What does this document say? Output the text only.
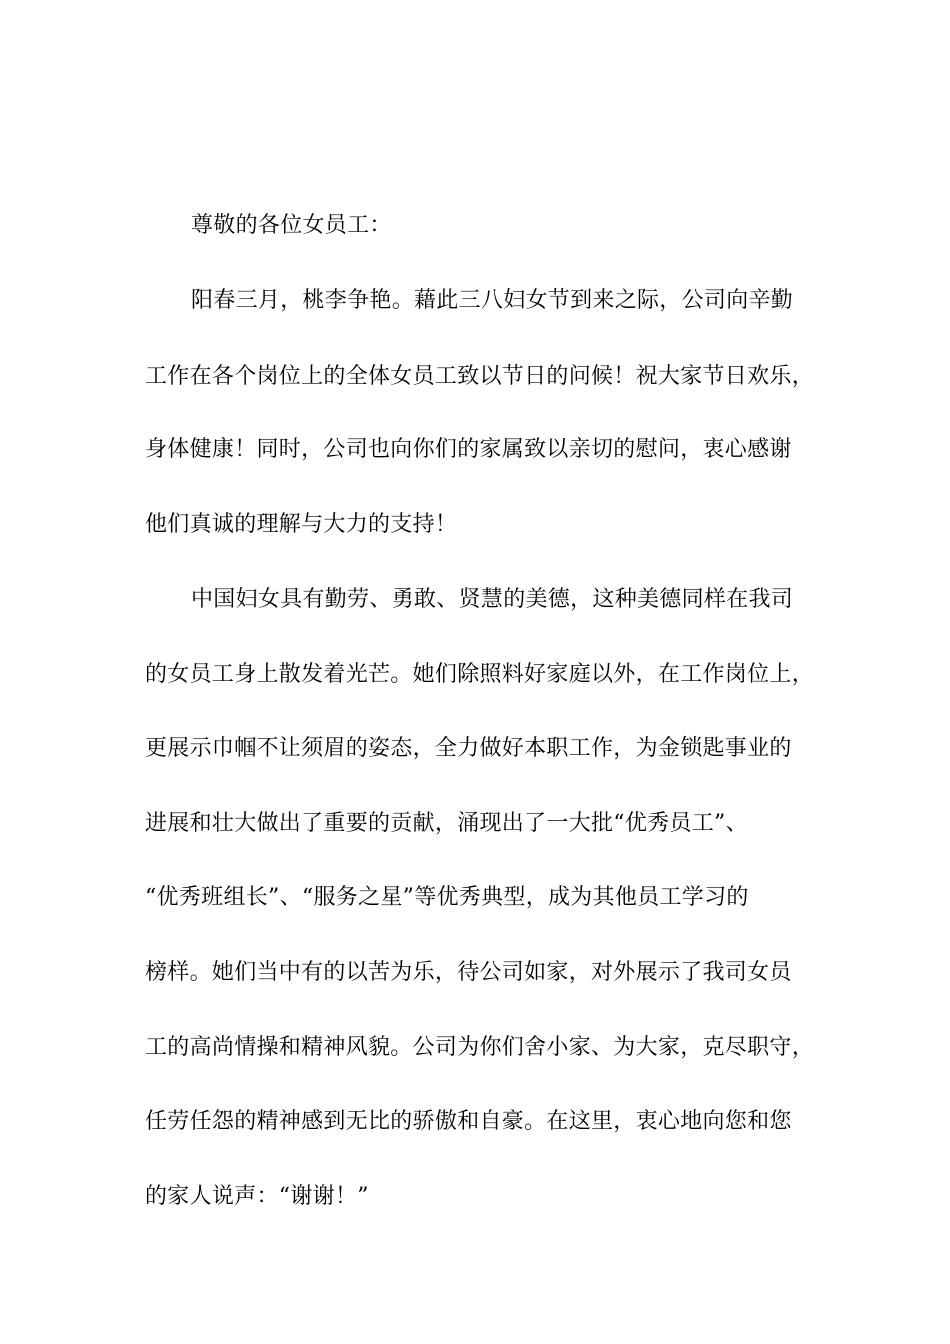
尊敬的各位女员工：
阳春三月，桃李争艳。藉此三八妇女节到来之际，公司向辛勤
工作在各个岗位上的全体女员工致以节日的问候！祝大家节日欢乐，
身体健康！同时，公司也向你们的家属致以亲切的慰问，衷心感谢
他们真诚的理解与大力的支持！
中国妇女具有勤劳、勇敢、贤慧的美德，这种美德同样在我司
的女员工身上散发着光芒。她们除照料好家庭以外，在工作岗位上，
更展示巾帼不让须眉的姿态，全力做好本职工作，为金锁匙事业的
进展和壮大做出了重要的贡献，涌现出了一大批“优秀员工”、
“优秀班组长”、“服务之星”等优秀典型，成为其他员工学习的
榜样。她们当中有的以苦为乐，待公司如家，对外展示了我司女员
工的高尚情操和精神风貌。公司为你们舍小家、为大家，克尽职守，
任劳任怨的精神感到无比的骄傲和自豪。在这里，衷心地向您和您
的家人说声：“谢谢！”
